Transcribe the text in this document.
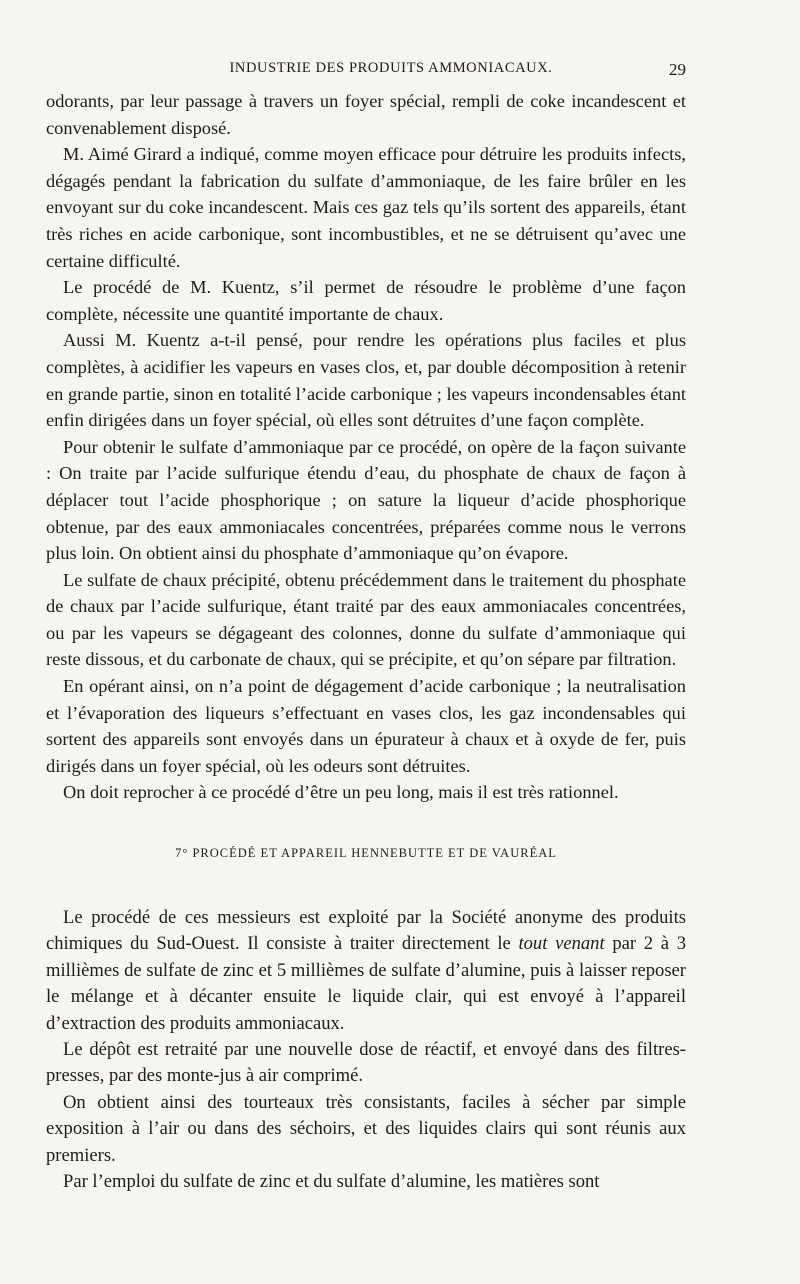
INDUSTRIE DES PRODUITS AMMONIACAUX.	29

odorants, par leur passage à travers un foyer spécial, rempli de coke incandescent et convenablement disposé.

M. Aimé Girard a indiqué, comme moyen efficace pour détruire les produits infects, dégagés pendant la fabrication du sulfate d’ammoniaque, de les faire brûler en les envoyant sur du coke incandescent. Mais ces gaz tels qu’ils sortent des appareils, étant très riches en acide carbonique, sont incombustibles, et ne se détruisent qu’avec une certaine difficulté.

Le procédé de M. Kuentz, s’il permet de résoudre le problème d’une façon complète, nécessite une quantité importante de chaux.

Aussi M. Kuentz a-t-il pensé, pour rendre les opérations plus faciles et plus complètes, à acidifier les vapeurs en vases clos, et, par double décomposition à retenir en grande partie, sinon en totalité l’acide carbonique ; les vapeurs incondensables étant enfin dirigées dans un foyer spécial, où elles sont détruites d’une façon complète.

Pour obtenir le sulfate d’ammoniaque par ce procédé, on opère de la façon suivante : On traite par l’acide sulfurique étendu d’eau, du phosphate de chaux de façon à déplacer tout l’acide phosphorique ; on sature la liqueur d’acide phosphorique obtenue, par des eaux ammoniacales concentrées, préparées comme nous le verrons plus loin. On obtient ainsi du phosphate d’ammoniaque qu’on évapore.

Le sulfate de chaux précipité, obtenu précédemment dans le traitement du phosphate de chaux par l’acide sulfurique, étant traité par des eaux ammoniacales concentrées, ou par les vapeurs se dégageant des colonnes, donne du sulfate d’ammoniaque qui reste dissous, et du carbonate de chaux, qui se précipite, et qu’on sépare par filtration.

En opérant ainsi, on n’a point de dégagement d’acide carbonique ; la neutralisation et l’évaporation des liqueurs s’effectuant en vases clos, les gaz incondensables qui sortent des appareils sont envoyés dans un épurateur à chaux et à oxyde de fer, puis dirigés dans un foyer spécial, où les odeurs sont détruites.

On doit reprocher à ce procédé d’être un peu long, mais il est très rationnel.

7° PROCÉDÉ ET APPAREIL HENNEBUTTE ET DE VAURÉAL

Le procédé de ces messieurs est exploité par la Société anonyme des produits chimiques du Sud-Ouest. Il consiste à traiter directement le tout venant par 2 à 3 millièmes de sulfate de zinc et 5 millièmes de sulfate d’alumine, puis à laisser reposer le mélange et à décanter ensuite le liquide clair, qui est envoyé à l’appareil d’extraction des produits ammoniacaux.

Le dépôt est retraité par une nouvelle dose de réactif, et envoyé dans des filtres-presses, par des monte-jus à air comprimé.

On obtient ainsi des tourteaux très consistants, faciles à sécher par simple exposition à l’air ou dans des séchoirs, et des liquides clairs qui sont réunis aux premiers.

Par l’emploi du sulfate de zinc et du sulfate d’alumine, les matières sont
